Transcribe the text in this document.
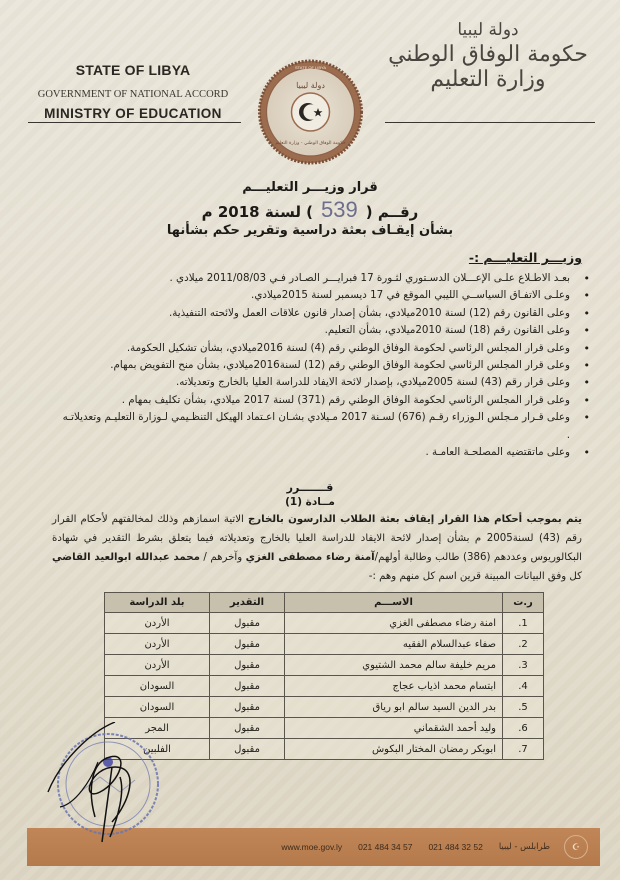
STATE OF LIBYA
GOVERNMENT OF NATIONAL ACCORD
MINISTRY OF EDUCATION
STATE OF LIBYA
دولة ليبيا
حكومة الوفاق الوطني - وزارة التعليم
دولة ليبيا
حكومة الوفاق الوطني
وزارة التعليم
قرار وزيـــر التعليـــم
رقــم (539) لسنة 2018 م
بشأن إيقـاف بعثة دراسية وتقرير حكم بشأنها
وزيـــر التعليـــم :-
• بعـد الاطـلاع علـى الإعـــلان الدسـتوري لثـورة 17 فبرايـــر الصـادر فـي 2011/08/03 ميلادي .
• وعلـى الاتفـاق السياســي الليبي الموقع في 17 ديسمبر لسنة 2015ميلادي.
• وعلى القانون رقم (12) لسنة 2010ميلادي، بشأن إصدار قانون علاقات العمل ولائحته التنفيذية.
• وعلى القانون رقم (18) لسنة 2010ميلادي، بشأن التعليم.
• وعلى قرار المجلس الرئاسي لحكومة الوفاق الوطني رقم (4) لسنة 2016ميلادي، بشأن تشكيل الحكومة.
• وعلى قرار المجلس الرئاسي لحكومة الوفاق الوطني رقم (12) لسنة2016ميلادي، بشأن منح التفويض بمهام.
• وعلى قرار رقم (43) لسنة 2005ميلادي، بإصدار لائحة الايفاد للدراسة العليا بالخارج وتعديلاته.
• وعلى قرار المجلس الرئاسي لحكومة الوفاق الوطني رقم (371) لسنة 2017 ميلادي، بشأن تكليف بمهام .
• وعلى قـرار مـجلس الـوزراء رقـم (676) لسـنة 2017 مـيلادي بشـان اعـتماد الهيكل التنظـيمي لـوزارة التعليـم وتعديلاتـه .
• وعلى ماتقتضيه المصلحـة العامـة .
قـــــــرر
مــادة (1)
يتم بموجب أحكام هذا القرار إيقاف بعثة الطلاب الدارسون بالخارج الاتية اسمازهم وذلك لمخالفتهم لأحكام القرار رقم (43) لسنة2005 م بشأن إصدار لائحة الايفاد للدراسة العليا بالخارج وتعديلاته فيما يتعلق بشرط التقدير في شهادة البكالوريوس وعددهم (386) طالب وطالبة أولهم/آمنة رضاء مصطفى الغزي وآخرهم / محمد عبدالله ابوالعيد القاضي كل وفق البيانات المبينة قرين اسم كل منهم وهم :-
ر.ت	الاســـم	التقدير	بلد الدراسة
1.	امنة رضاء مصطفى الغزي	مقبول	الأردن
2.	صفاء عبدالسلام الفقيه	مقبول	الأردن
3.	مريم خليفة سالم محمد الشتيوي	مقبول	الأردن
4.	ابتسام محمد اذياب عجاج	مقبول	السودان
5.	بدر الدين السيد سالم ابو رياق	مقبول	السودان
6.	وليد أحمد الشقماني	مقبول	المجر
7.	ابوبكر رمضان المختار البكوش	مقبول	الفلبين
www.moe.gov.ly 021 484 34 57 021 484 32 52 طرابلس - ليبيا	☪
